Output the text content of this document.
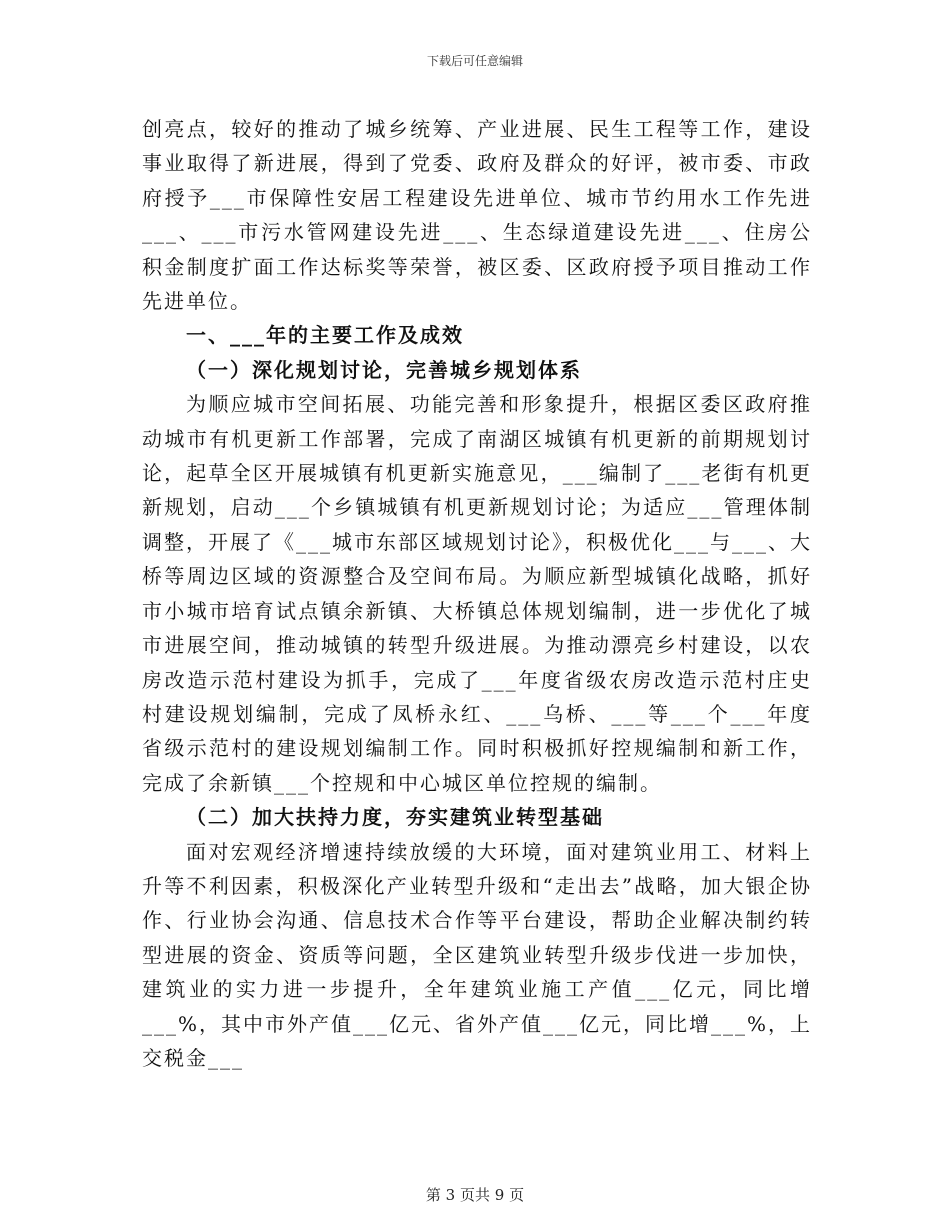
下载后可任意编辑

创亮点，较好的推动了城乡统筹、产业进展、民生工程等工作，建设事业取得了新进展，得到了党委、政府及群众的好评，被市委、市政府授予___市保障性安居工程建设先进单位、城市节约用水工作先进___、___市污水管网建设先进___、生态绿道建设先进___、住房公积金制度扩面工作达标奖等荣誉，被区委、区政府授予项目推动工作先进单位。

一、___年的主要工作及成效
（一）深化规划讨论，完善城乡规划体系

为顺应城市空间拓展、功能完善和形象提升，根据区委区政府推动城市有机更新工作部署，完成了南湖区城镇有机更新的前期规划讨论，起草全区开展城镇有机更新实施意见，___编制了___老街有机更新规划，启动___个乡镇城镇有机更新规划讨论；为适应___管理体制调整，开展了《___城市东部区域规划讨论》，积极优化___与___、大桥等周边区域的资源整合及空间布局。为顺应新型城镇化战略，抓好市小城市培育试点镇余新镇、大桥镇总体规划编制，进一步优化了城市进展空间，推动城镇的转型升级进展。为推动漂亮乡村建设，以农房改造示范村建设为抓手，完成了___年度省级农房改造示范村庄史村建设规划编制，完成了凤桥永红、___乌桥、___等___个___年度省级示范村的建设规划编制工作。同时积极抓好控规编制和新工作，完成了余新镇___个控规和中心城区单位控规的编制。

（二）加大扶持力度，夯实建筑业转型基础

面对宏观经济增速持续放缓的大环境，面对建筑业用工、材料上升等不利因素，积极深化产业转型升级和“走出去”战略，加大银企协作、行业协会沟通、信息技术合作等平台建设，帮助企业解决制约转型进展的资金、资质等问题，全区建筑业转型升级步伐进一步加快，建筑业的实力进一步提升，全年建筑业施工产值___亿元，同比增___%，其中市外产值___亿元、省外产值___亿元，同比增___%，上交税金___

第 3 页共 9 页
